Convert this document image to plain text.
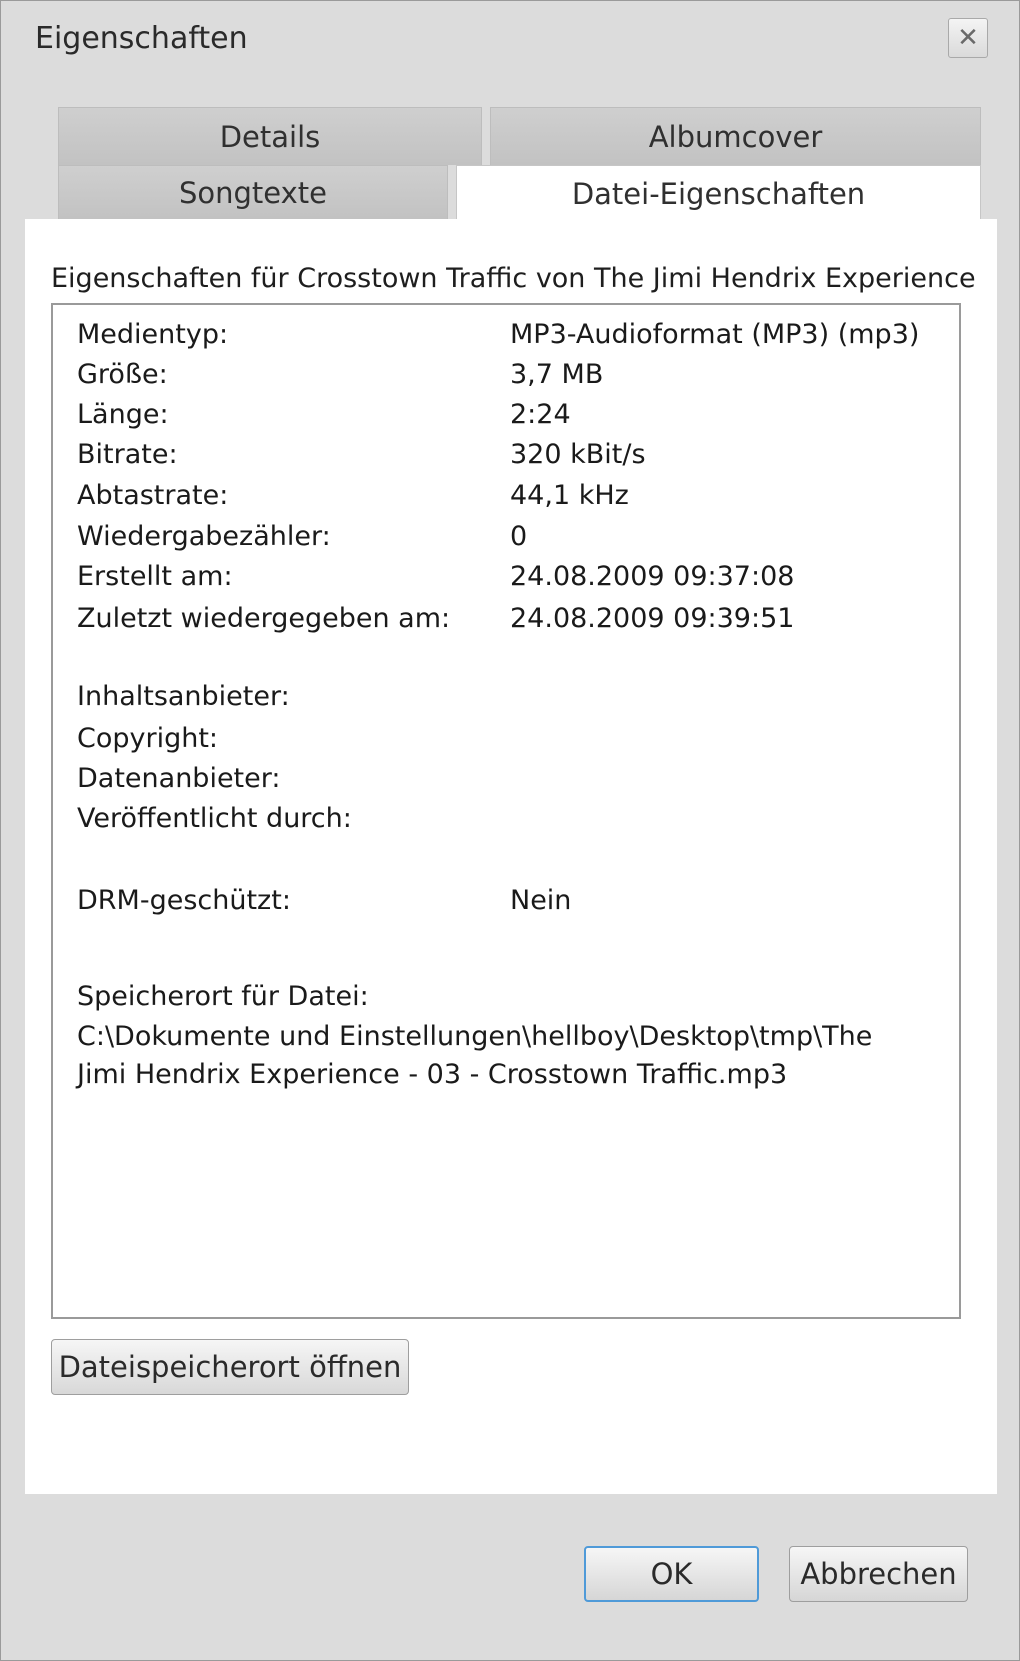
Eigenschaften	✕
Details	Albumcover
Songtexte	Datei-Eigenschaften
Eigenschaften für Crosstown Traffic von The Jimi Hendrix Experience
Medientyp:	MP3-Audioformat (MP3) (mp3)
Größe:	3,7 MB
Länge:	2:24
Bitrate:	320 kBit/s
Abtastrate:	44,1 kHz
Wiedergabezähler:	0
Erstellt am:	24.08.2009 09:37:08
Zuletzt wiedergegeben am: 24.08.2009 09:39:51
Inhaltsanbieter:
Copyright:
Datenanbieter:
Veröffentlicht durch:
DRM-geschützt:	Nein
Speicherort für Datei:
C:\Dokumente und Einstellungen\hellboy\Desktop\tmp\The Jimi Hendrix Experience - 03 - Crosstown Traffic.mp3
Dateispeicherort öffnen
OK	Abbrechen
